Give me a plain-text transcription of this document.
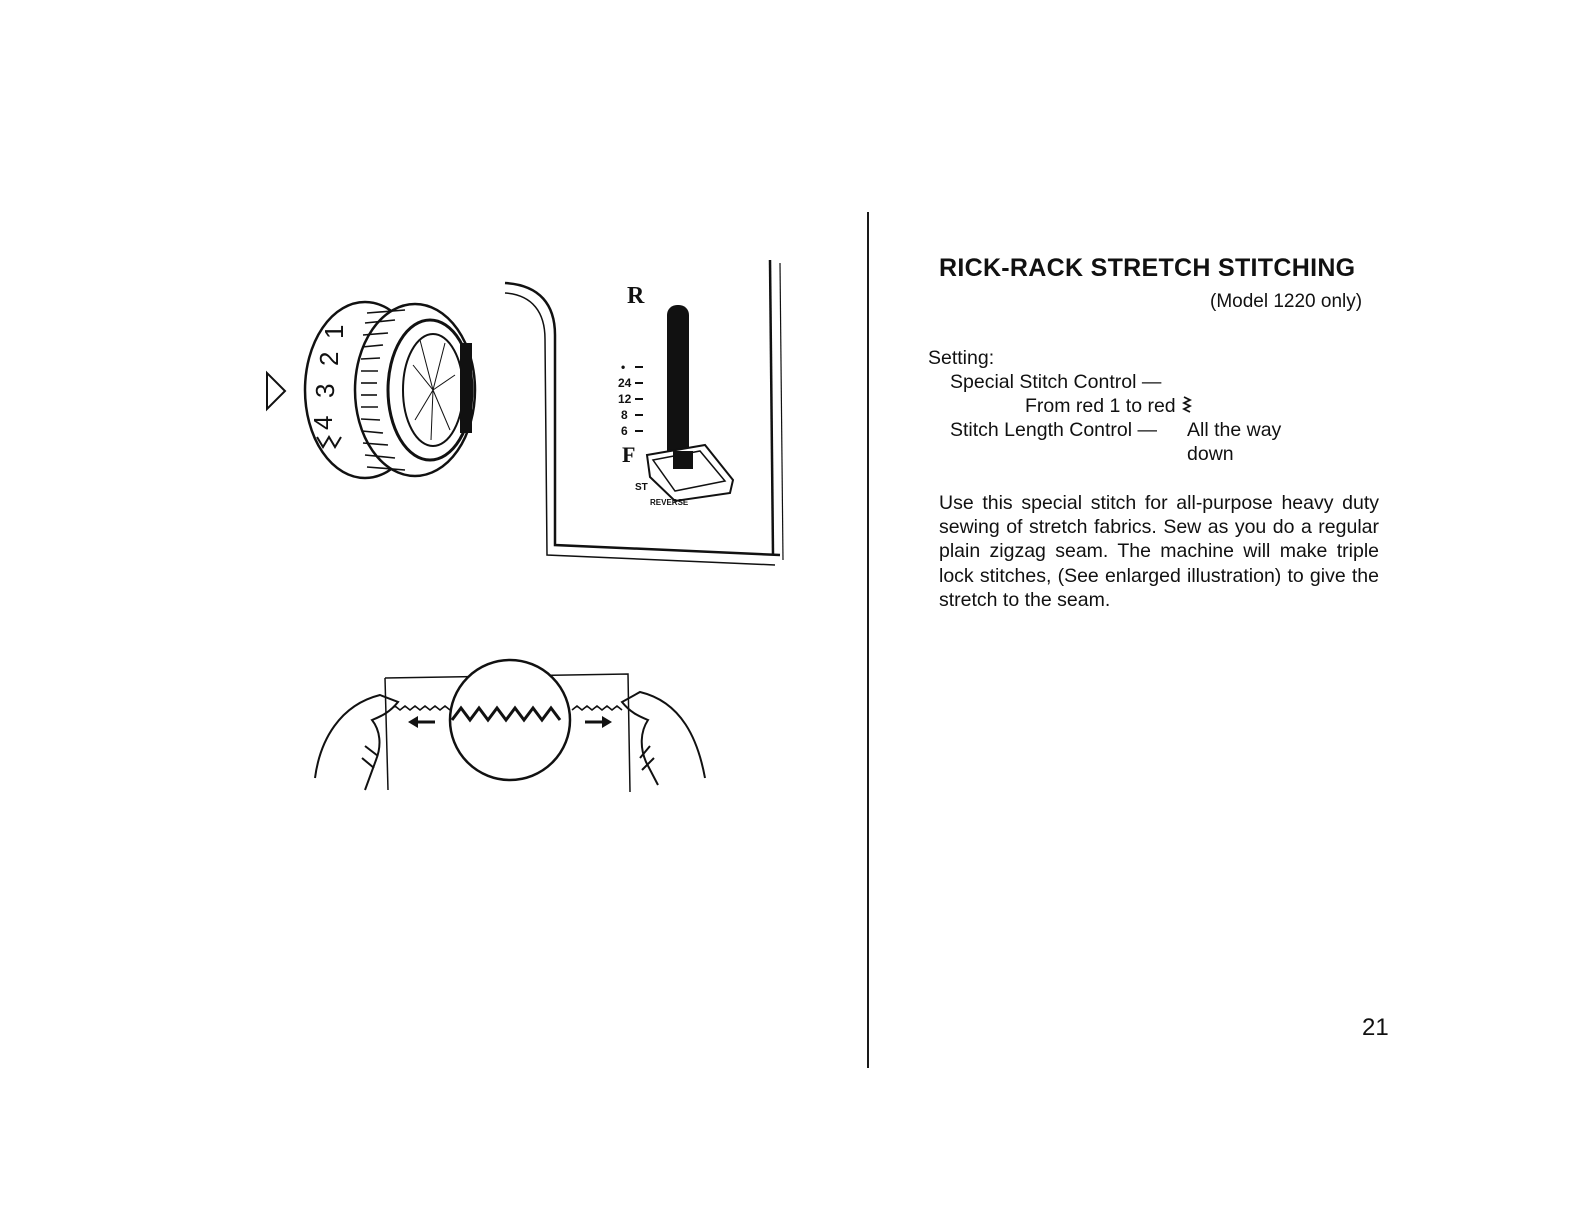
4
3
2
1
R
•
24
12
8
6
F
ST
REVERSE
RICK-RACK STRETCH STITCHING
(Model 1220 only)
Setting:
Special Stitch Control —
From red 1 to red
Stitch Length Control — All the way
down
Use this special stitch for all-purpose heavy duty sewing of stretch fabrics. Sew as you do a regular plain zigzag seam. The machine will make triple lock stitches, (See enlarged illustration) to give the stretch to the seam.
21
